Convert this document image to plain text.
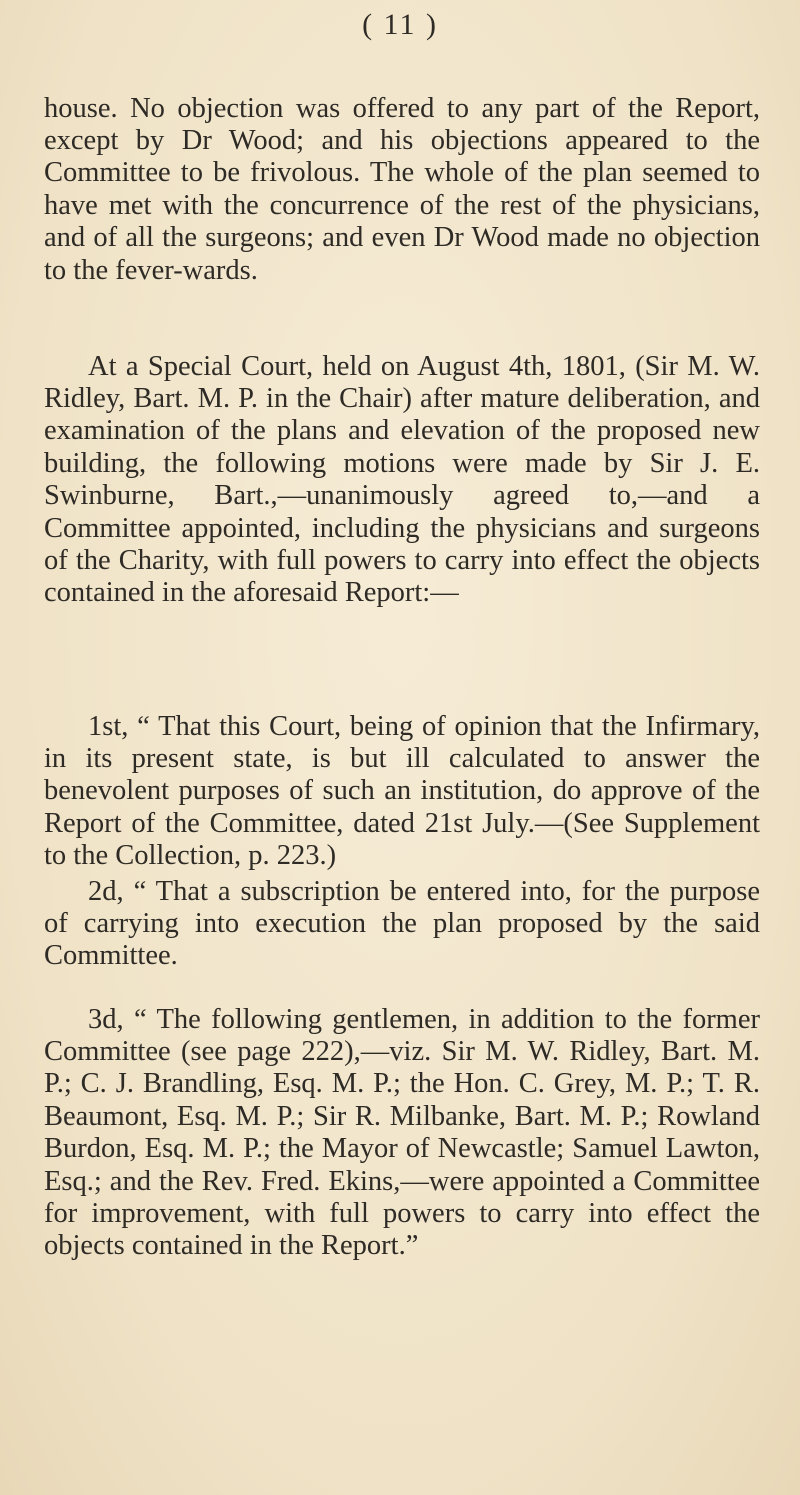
( 11 )

house. No objection was offered to any part of the Report, except by Dr Wood; and his objections appeared to the Committee to be frivolous. The whole of the plan seemed to have met with the concurrence of the rest of the physicians, and of all the surgeons; and even Dr Wood made no objection to the fever-wards.

At a Special Court, held on August 4th, 1801, (Sir M. W. Ridley, Bart. M. P. in the Chair) after mature deliberation, and examination of the plans and elevation of the proposed new building, the following motions were made by Sir J. E. Swinburne, Bart.,—unanimously agreed to,—and a Committee appointed, including the physicians and surgeons of the Charity, with full powers to carry into effect the objects contained in the aforesaid Report:—

1st, “ That this Court, being of opinion that the Infirmary, in its present state, is but ill calculated to answer the benevolent purposes of such an institution, do approve of the Report of the Committee, dated 21st July.—(See Supplement to the Collection, p. 223.)

2d, “ That a subscription be entered into, for the purpose of carrying into execution the plan proposed by the said Committee.

3d, “ The following gentlemen, in addition to the former Committee (see page 222),—viz. Sir M. W. Ridley, Bart. M. P.; C. J. Brandling, Esq. M. P.; the Hon. C. Grey, M. P.; T. R. Beaumont, Esq. M. P.; Sir R. Milbanke, Bart. M. P.; Rowland Burdon, Esq. M. P.; the Mayor of Newcastle; Samuel Lawton, Esq.; and the Rev. Fred. Ekins,—were appointed a Committee for improvement, with full powers to carry into effect the objects contained in the Report.”
